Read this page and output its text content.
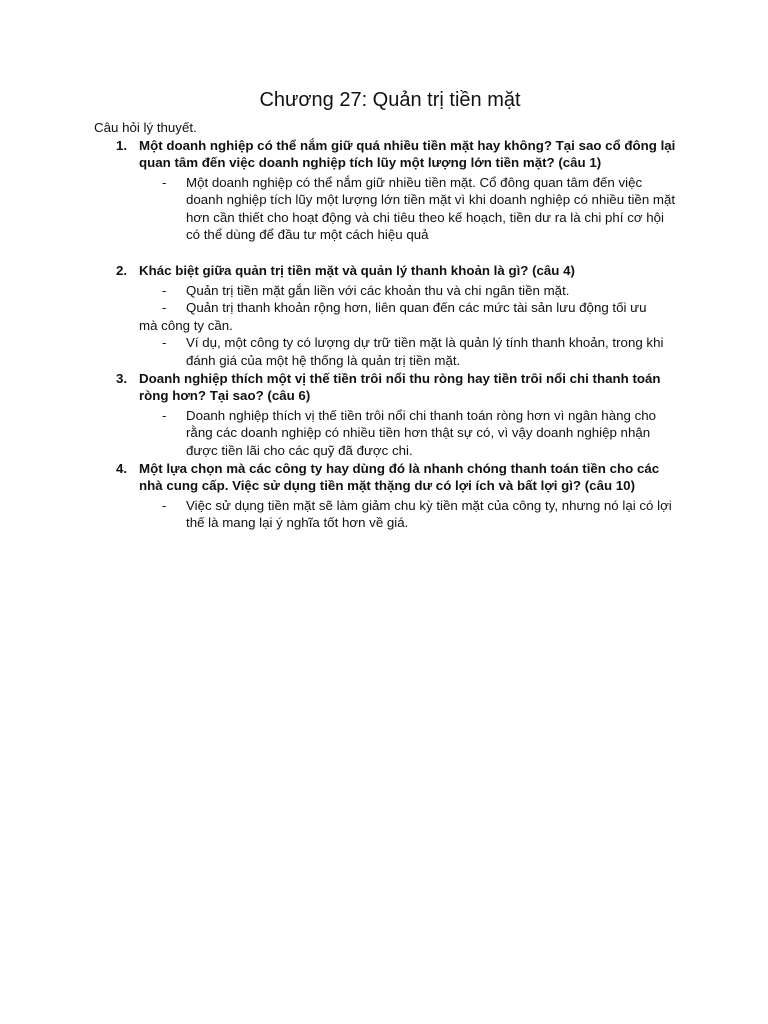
Chương 27: Quản trị tiền mặt

Câu hỏi lý thuyết.

1. Một doanh nghiệp có thể nắm giữ quá nhiều tiền mặt hay không? Tại sao cổ đông lại quan tâm đến việc doanh nghiệp tích lũy một lượng lớn tiền mặt? (câu 1)
- Một doanh nghiệp có thể nắm giữ nhiều tiền mặt. Cổ đông quan tâm đến việc doanh nghiệp tích lũy một lượng lớn tiền mặt vì khi doanh nghiệp có nhiều tiền mặt hơn cần thiết cho hoạt động và chi tiêu theo kế hoạch, tiền dư ra là chi phí cơ hội có thể dùng để đầu tư một cách hiệu quả
2. Khác biệt giữa quản trị tiền mặt và quản lý thanh khoản là gì? (câu 4)
- Quản trị tiền mặt gắn liền với các khoản thu và chi ngân tiền mặt.
- Quản trị thanh khoản rộng hơn, liên quan đến các mức tài sản lưu động tối ưu
mà công ty cần.
- Ví dụ, một công ty có lượng dự trữ tiền mặt là quản lý tính thanh khoản, trong khi đánh giá của một hệ thống là quản trị tiền mặt.
3. Doanh nghiệp thích một vị thế tiền trôi nổi thu ròng hay tiền trôi nổi chi thanh toán ròng hơn? Tại sao? (câu 6)
- Doanh nghiệp thích vị thế tiền trôi nổi chi thanh toán ròng hơn vì ngân hàng cho rằng các doanh nghiệp có nhiều tiền hơn thật sự có, vì vậy doanh nghiệp nhận được tiền lãi cho các quỹ đã được chi.
4. Một lựa chọn mà các công ty hay dùng đó là nhanh chóng thanh toán tiền cho các nhà cung cấp. Việc sử dụng tiền mặt thặng dư có lợi ích và bất lợi gì? (câu 10)
- Việc sử dụng tiền mặt sẽ làm giảm chu kỳ tiền mặt của công ty, nhưng nó lại có lợi thế là mang lại ý nghĩa tốt hơn về giá.
